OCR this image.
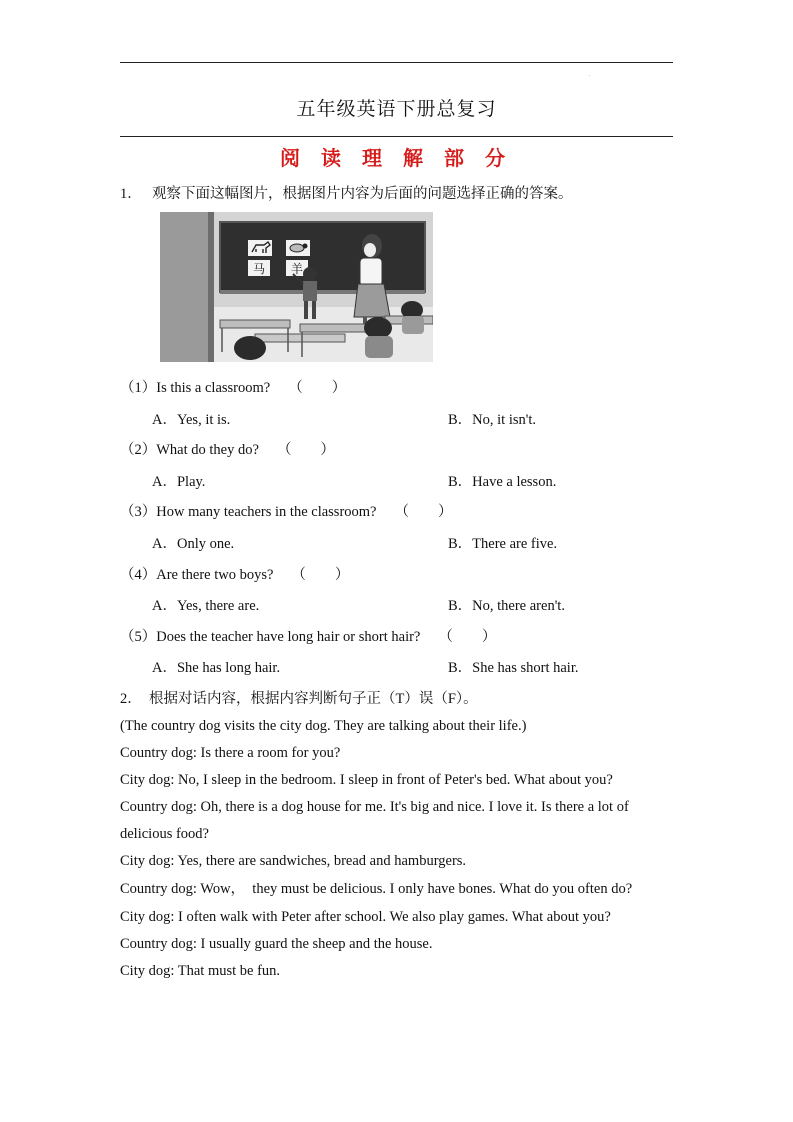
.
五年级英语下册总复习
阅 读 理 解 部 分
1． 观察下面这幅图片，根据图片内容为后面的问题选择正确的答案。
马 羊
（1）Is this a classroom? （　　）
A．Yes, it is.	B．No, it isn't.
（2）What do they do? （　　）
A．Play.	B．Have a lesson.
（3）How many teachers in the classroom? （　　）
A．Only one.	B．There are five.
（4）Are there two boys? （　　）
A．Yes, there are.	B．No, there aren't.
（5）Does the teacher have long hair or short hair? （　　）
A．She has long hair.	B．She has short hair.
2．　根据对话内容，根据内容判断句子正（T）误（F）。
(The country dog visits the city dog. They are talking about their life.)
Country dog: Is there a room for you?
City dog: No, I sleep in the bedroom. I sleep in front of Peter's bed. What about you?
Country dog: Oh, there is a dog house for me. It's big and nice. I love it. Is there a lot of delicious food?
City dog: Yes, there are sandwiches, bread and hamburgers.
Country dog: Wow，　they must be delicious. I only have bones. What do you often do?
City dog: I often walk with Peter after school. We also play games. What about you?
Country dog: I usually guard the sheep and the house.
City dog: That must be fun.
